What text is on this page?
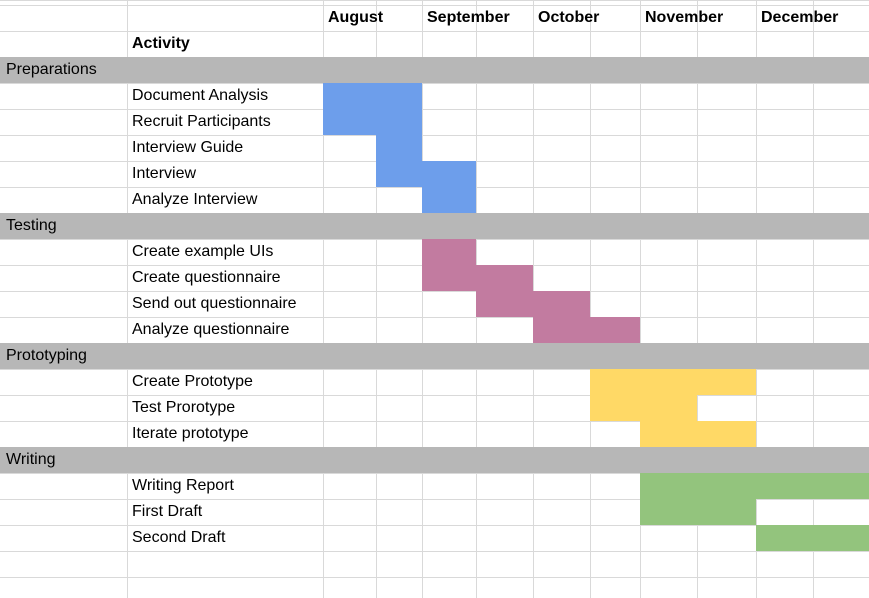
August	September October	November December
Activity
Preparations
Document Analysis
Recruit Participants
Interview Guide
Interview
Analyze Interview
Testing
Create example UIs
Create questionnaire
Send out questionnaire
Analyze questionnaire
Prototyping
Create Prototype
Test Prorotype
Iterate prototype
Writing
Writing Report
First Draft
Second Draft
